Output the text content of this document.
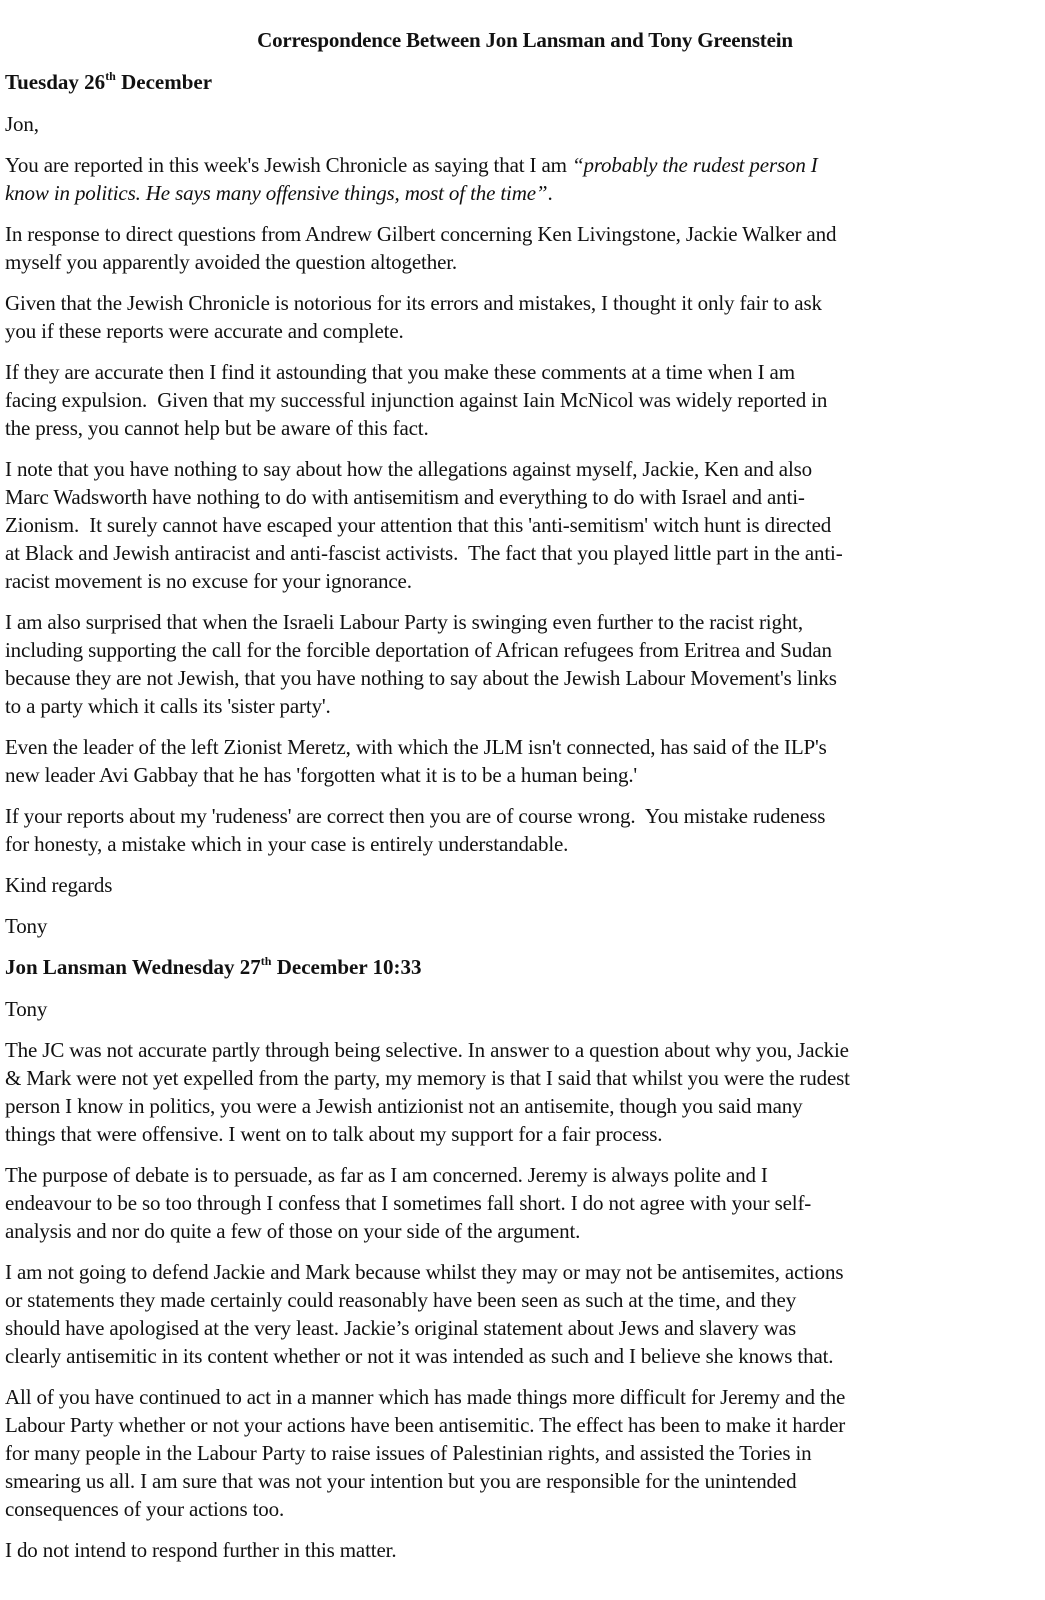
Correspondence Between Jon Lansman and Tony Greenstein
Tuesday 26th December
Jon,
You are reported in this week's Jewish Chronicle as saying that I am “probably the rudest person I
know in politics. He says many offensive things, most of the time”.
In response to direct questions from Andrew Gilbert concerning Ken Livingstone, Jackie Walker and
myself you apparently avoided the question altogether.
Given that the Jewish Chronicle is notorious for its errors and mistakes, I thought it only fair to ask
you if these reports were accurate and complete.
If they are accurate then I find it astounding that you make these comments at a time when I am
facing expulsion.  Given that my successful injunction against Iain McNicol was widely reported in
the press, you cannot help but be aware of this fact.
I note that you have nothing to say about how the allegations against myself, Jackie, Ken and also
Marc Wadsworth have nothing to do with antisemitism and everything to do with Israel and anti-
Zionism.  It surely cannot have escaped your attention that this 'anti-semitism' witch hunt is directed
at Black and Jewish antiracist and anti-fascist activists.  The fact that you played little part in the anti-
racist movement is no excuse for your ignorance.
I am also surprised that when the Israeli Labour Party is swinging even further to the racist right,
including supporting the call for the forcible deportation of African refugees from Eritrea and Sudan
because they are not Jewish, that you have nothing to say about the Jewish Labour Movement's links
to a party which it calls its 'sister party'.
Even the leader of the left Zionist Meretz, with which the JLM isn't connected, has said of the ILP's
new leader Avi Gabbay that he has 'forgotten what it is to be a human being.'
If your reports about my 'rudeness' are correct then you are of course wrong.  You mistake rudeness
for honesty, a mistake which in your case is entirely understandable.
Kind regards
Tony
Jon Lansman Wednesday 27th December 10:33
Tony
The JC was not accurate partly through being selective. In answer to a question about why you, Jackie
& Mark were not yet expelled from the party, my memory is that I said that whilst you were the rudest
person I know in politics, you were a Jewish antizionist not an antisemite, though you said many
things that were offensive. I went on to talk about my support for a fair process.
The purpose of debate is to persuade, as far as I am concerned. Jeremy is always polite and I
endeavour to be so too through I confess that I sometimes fall short. I do not agree with your self-
analysis and nor do quite a few of those on your side of the argument.
I am not going to defend Jackie and Mark because whilst they may or may not be antisemites, actions
or statements they made certainly could reasonably have been seen as such at the time, and they
should have apologised at the very least. Jackie’s original statement about Jews and slavery was
clearly antisemitic in its content whether or not it was intended as such and I believe she knows that.
All of you have continued to act in a manner which has made things more difficult for Jeremy and the
Labour Party whether or not your actions have been antisemitic. The effect has been to make it harder
for many people in the Labour Party to raise issues of Palestinian rights, and assisted the Tories in
smearing us all. I am sure that was not your intention but you are responsible for the unintended
consequences of your actions too.
I do not intend to respond further in this matter.
